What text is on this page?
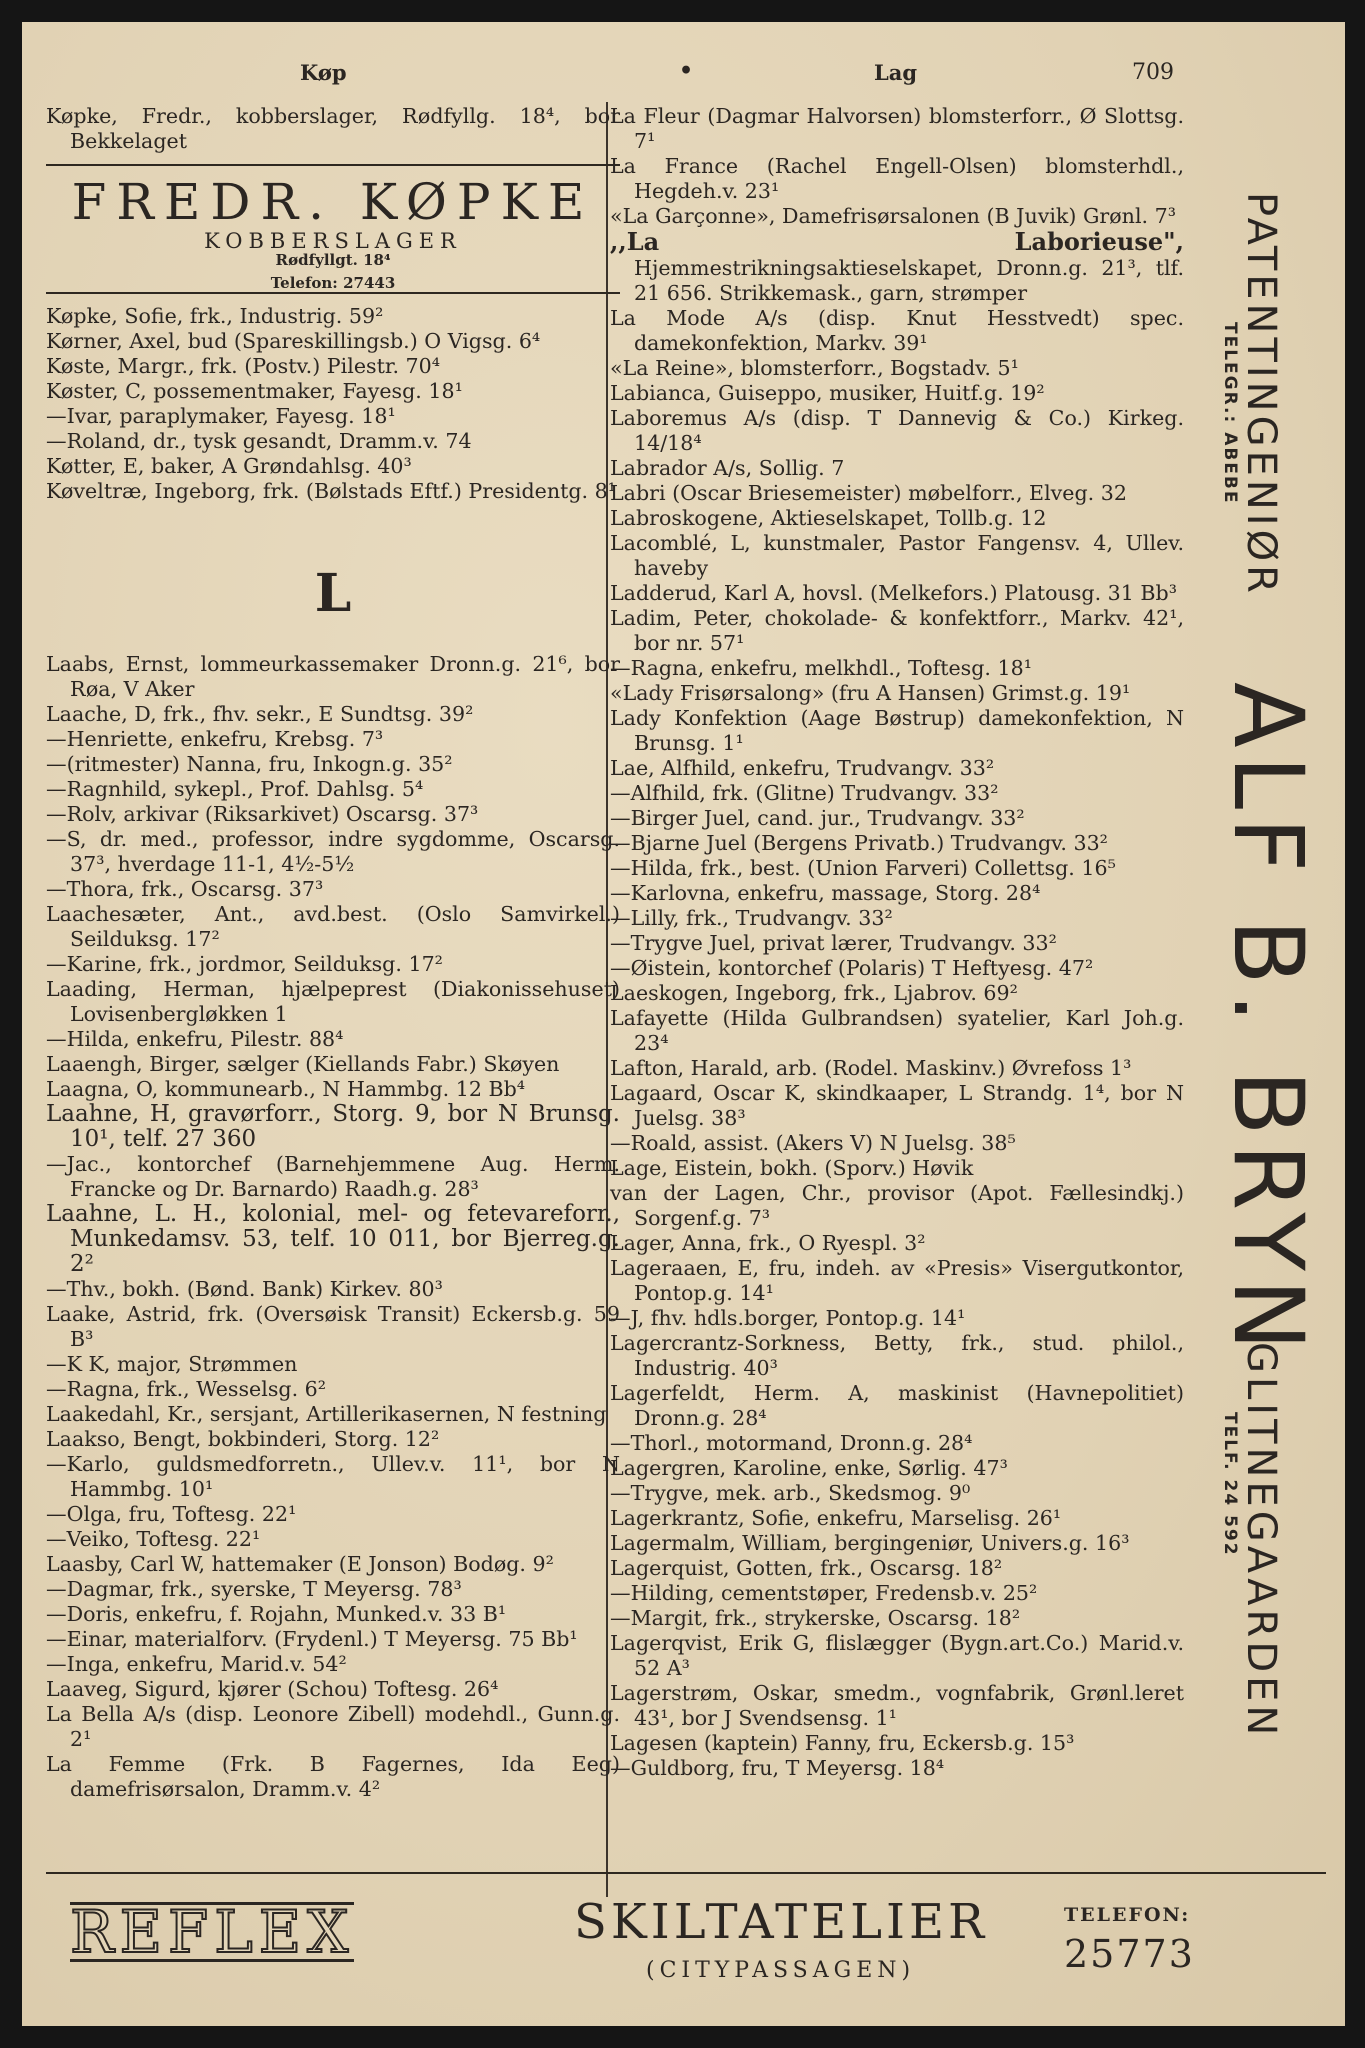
Køp	•	Lag	709
Køpke, Fredr., kobberslager, Rødfyllg. 18⁴, bor Bekkelaget
FREDR. KØPKE
KOBBERSLAGER
Rødfyllgt. 18⁴
Telefon: 27443
Køpke, Sofie, frk., Industrig. 59²
Kørner, Axel, bud (Spareskillingsb.) O Vigsg. 6⁴
Køste, Margr., frk. (Postv.) Pilestr. 70⁴
Køster, C, possementmaker, Fayesg. 18¹
—Ivar, paraplymaker, Fayesg. 18¹
—Roland, dr., tysk gesandt, Dramm.v. 74
Køtter, E, baker, A Grøndahlsg. 40³
Køveltræ, Ingeborg, frk. (Bølstads Eftf.) Presidentg. 8¹
L
Laabs, Ernst, lommeurkassemaker Dronn.g. 21⁶, bor Røa, V Aker
Laache, D, frk., fhv. sekr., E Sundtsg. 39²
—Henriette, enkefru, Krebsg. 7³
—(ritmester) Nanna, fru, Inkogn.g. 35²
—Ragnhild, sykepl., Prof. Dahlsg. 5⁴
—Rolv, arkivar (Riksarkivet) Oscarsg. 37³
—S, dr. med., professor, indre sygdomme, Oscarsg. 37³, hverdage 11-1, 4½-5½
—Thora, frk., Oscarsg. 37³
Laachesæter, Ant., avd.best. (Oslo Samvirkel.) Seilduksg. 17²
—Karine, frk., jordmor, Seilduksg. 17²
Laading, Herman, hjælpeprest (Diakonissehuset) Lovisenbergløkken 1
—Hilda, enkefru, Pilestr. 88⁴
Laaengh, Birger, sælger (Kiellands Fabr.) Skøyen
Laagna, O, kommunearb., N Hammbg. 12 Bb⁴
Laahne, H, gravørforr., Storg. 9, bor N Brunsg. 10¹, telf. 27 360
—Jac., kontorchef (Barnehjemmene Aug. Herm. Francke og Dr. Barnardo) Raadh.g. 28³
Laahne, L. H., kolonial, mel- og fetevareforr., Munkedamsv. 53, telf. 10 011, bor Bjerreg.g. 2²
—Thv., bokh. (Bønd. Bank) Kirkev. 80³
Laake, Astrid, frk. (Oversøisk Transit) Eckersb.g. 59 B³
—K K, major, Strømmen
—Ragna, frk., Wesselsg. 6²
Laakedahl, Kr., sersjant, Artillerikasernen, N festning
Laakso, Bengt, bokbinderi, Storg. 12²
—Karlo, guldsmedforretn., Ullev.v. 11¹, bor N Hammbg. 10¹
—Olga, fru, Toftesg. 22¹
—Veiko, Toftesg. 22¹
Laasby, Carl W, hattemaker (E Jonson) Bodøg. 9²
—Dagmar, frk., syerske, T Meyersg. 78³
—Doris, enkefru, f. Rojahn, Munked.v. 33 B¹
—Einar, materialforv. (Frydenl.) T Meyersg. 75 Bb¹
—Inga, enkefru, Marid.v. 54²
Laaveg, Sigurd, kjører (Schou) Toftesg. 26⁴
La Bella A/s (disp. Leonore Zibell) modehdl., Gunn.g. 2¹
La Femme (Frk. B Fagernes, Ida Eeg) damefrisørsalon, Dramm.v. 4²
La Fleur (Dagmar Halvorsen) blomsterforr., Ø Slottsg. 7¹
La France (Rachel Engell-Olsen) blomsterhdl., Hegdeh.v. 23¹
«La Garçonne», Damefrisørsalonen (B Juvik) Grønl. 7³
,,La Laborieuse", Hjemmestrikningsaktieselskapet, Dronn.g. 21³, tlf. 21 656. Strikkemask., garn, strømper
La Mode A/s (disp. Knut Hesstvedt) spec. damekonfektion, Markv. 39¹
«La Reine», blomsterforr., Bogstadv. 5¹
Labianca, Guiseppo, musiker, Huitf.g. 19²
Laboremus A/s (disp. T Dannevig & Co.) Kirkeg. 14/18⁴
Labrador A/s, Sollig. 7
Labri (Oscar Briesemeister) møbelforr., Elveg. 32
Labroskogene, Aktieselskapet, Tollb.g. 12
Lacomblé, L, kunstmaler, Pastor Fangensv. 4, Ullev. haveby
Ladderud, Karl A, hovsl. (Melkefors.) Platousg. 31 Bb³
Ladim, Peter, chokolade- & konfektforr., Markv. 42¹, bor nr. 57¹
—Ragna, enkefru, melkhdl., Toftesg. 18¹
«Lady Frisørsalong» (fru A Hansen) Grimst.g. 19¹
Lady Konfektion (Aage Bøstrup) damekonfektion, N Brunsg. 1¹
Lae, Alfhild, enkefru, Trudvangv. 33²
—Alfhild, frk. (Glitne) Trudvangv. 33²
—Birger Juel, cand. jur., Trudvangv. 33²
—Bjarne Juel (Bergens Privatb.) Trudvangv. 33²
—Hilda, frk., best. (Union Farveri) Collettsg. 16⁵
—Karlovna, enkefru, massage, Storg. 28⁴
—Lilly, frk., Trudvangv. 33²
—Trygve Juel, privat lærer, Trudvangv. 33²
—Øistein, kontorchef (Polaris) T Heftyesg. 47²
Laeskogen, Ingeborg, frk., Ljabrov. 69²
Lafayette (Hilda Gulbrandsen) syatelier, Karl Joh.g. 23⁴
Lafton, Harald, arb. (Rodel. Maskinv.) Øvrefoss 1³
Lagaard, Oscar K, skindkaaper, L Strandg. 1⁴, bor N Juelsg. 38³
—Roald, assist. (Akers V) N Juelsg. 38⁵
Lage, Eistein, bokh. (Sporv.) Høvik
van der Lagen, Chr., provisor (Apot. Fællesindkj.) Sorgenf.g. 7³
Lager, Anna, frk., O Ryespl. 3²
Lageraaen, E, fru, indeh. av «Presis» Visergutkontor, Pontop.g. 14¹
—J, fhv. hdls.borger, Pontop.g. 14¹
Lagercrantz-Sorkness, Betty, frk., stud. philol., Industrig. 40³
Lagerfeldt, Herm. A, maskinist (Havnepolitiet) Dronn.g. 28⁴
—Thorl., motormand, Dronn.g. 28⁴
Lagergren, Karoline, enke, Sørlig. 47³
—Trygve, mek. arb., Skedsmog. 9⁰
Lagerkrantz, Sofie, enkefru, Marselisg. 26¹
Lagermalm, William, bergingeniør, Univers.g. 16³
Lagerquist, Gotten, frk., Oscarsg. 18²
—Hilding, cementstøper, Fredensb.v. 25²
—Margit, frk., strykerske, Oscarsg. 18²
Lagerqvist, Erik G, flislægger (Bygn.art.Co.) Marid.v. 52 A³
Lagerstrøm, Oskar, smedm., vognfabrik, Grønl.leret 43¹, bor J Svendsensg. 1¹
Lagesen (kaptein) Fanny, fru, Eckersb.g. 15³
—Guldborg, fru, T Meyersg. 18⁴
PATENTINGENIØR
TELEGR.: ABEBE
ALF B. BRYN
GLITNEGAARDEN
TELF. 24 592
REFLEX	SKILTATELIER
(CITYPASSAGEN)
TELEFON:
25773
